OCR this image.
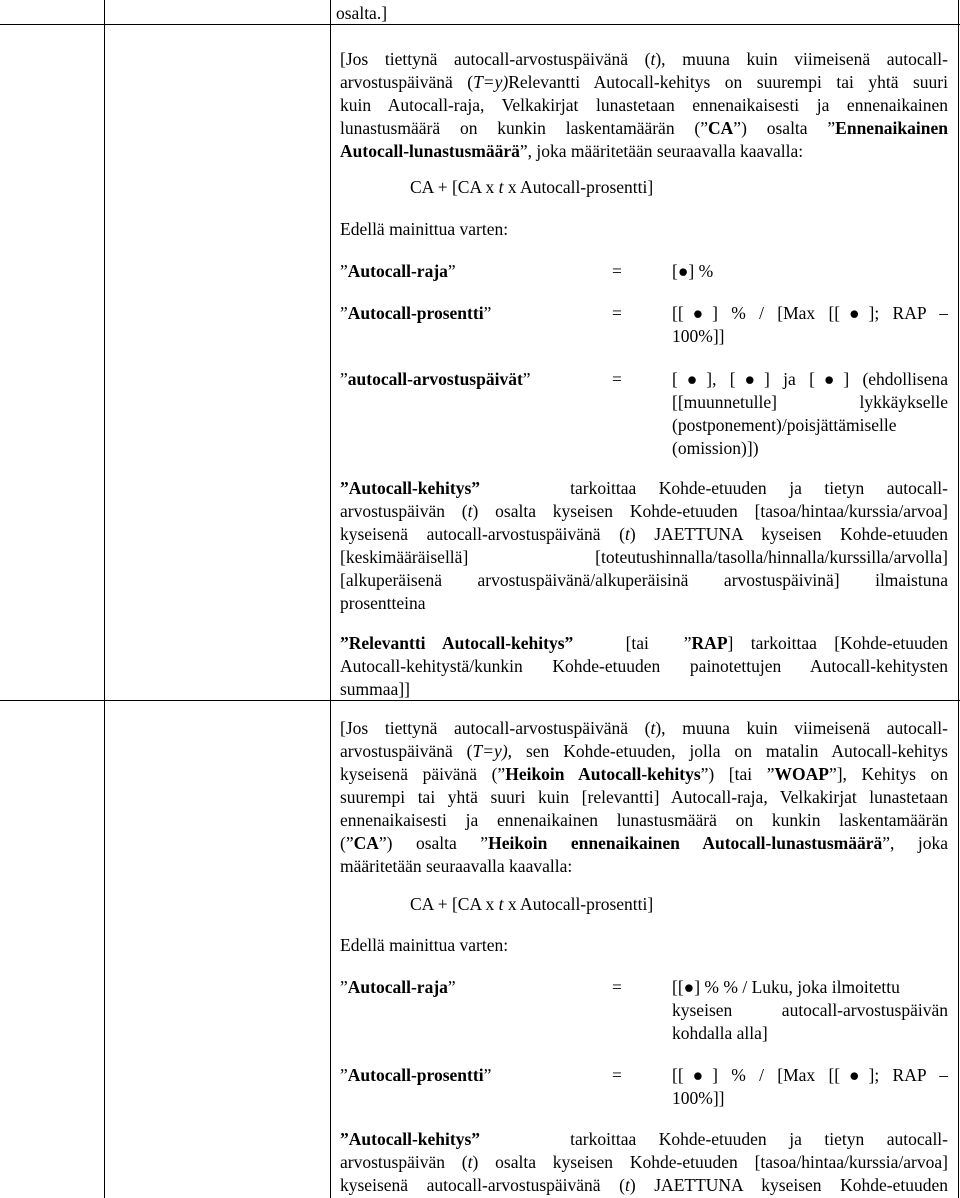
osalta.]

[Jos tiettynä autocall-arvostuspäivänä (t), muuna kuin viimeisenä autocall-

arvostuspäivänä (T=y)Relevantti Autocall-kehitys on suurempi tai yhtä suuri

kuin Autocall-raja, Velkakirjat lunastetaan ennenaikaisesti ja ennenaikainen

lunastusmäärä on kunkin laskentamäärän (”CA”) osalta ”Ennenaikainen

Autocall-lunastusmäärä”, joka määritetään seuraavalla kaavalla:

CA + [CA x t x Autocall-prosentti]
Edellä mainittua varten:
”Autocall-raja”	=	[●] %
”Autocall-prosentti”	=	[[●] % / [Max [[●]; RAP –
100%]]
”autocall-arvostuspäivät”	=	[●], [●] ja [●] (ehdollisena
[[muunnetulle] lykkäykselle
(postponement)/poisjättämiselle
(omission)])

”Autocall-kehitys”	tarkoittaa Kohde-etuuden ja tietyn autocall-

arvostuspäivän (t) osalta kyseisen Kohde-etuuden [tasoa/hintaa/kurssia/arvoa]

kyseisenä autocall-arvostuspäivänä (t) JAETTUNA kyseisen Kohde-etuuden

[keskimääräisellä] [toteutushinnalla/tasolla/hinnalla/kurssilla/arvolla]

[alkuperäisenä arvostuspäivänä/alkuperäisinä arvostuspäivinä] ilmaistuna

prosentteina

”Relevantti Autocall-kehitys”	[tai  ”RAP] tarkoittaa [Kohde-etuuden

Autocall-kehitystä/kunkin Kohde-etuuden painotettujen Autocall-kehitysten

summaa]]

[Jos tiettynä autocall-arvostuspäivänä (t), muuna kuin viimeisenä autocall-

arvostuspäivänä (T=y), sen Kohde-etuuden, jolla on matalin Autocall-kehitys

kyseisenä päivänä (”Heikoin Autocall-kehitys”) [tai ”WOAP”], Kehitys on

suurempi tai yhtä suuri kuin [relevantti] Autocall-raja, Velkakirjat lunastetaan

ennenaikaisesti ja ennenaikainen lunastusmäärä on kunkin laskentamäärän

(”CA”) osalta ”Heikoin ennenaikainen Autocall-lunastusmäärä”, joka

määritetään seuraavalla kaavalla:

CA + [CA x t x Autocall-prosentti]
Edellä mainittua varten:
”Autocall-raja”	=	[[●] % % / Luku, joka ilmoitettu
kyseisen autocall-arvostuspäivän
kohdalla alla]
”Autocall-prosentti”	=	[[●] % / [Max [[●]; RAP –
100%]]

”Autocall-kehitys”	tarkoittaa Kohde-etuuden ja tietyn autocall-

arvostuspäivän (t) osalta kyseisen Kohde-etuuden [tasoa/hintaa/kurssia/arvoa]

kyseisenä autocall-arvostuspäivänä (t) JAETTUNA kyseisen Kohde-etuuden
